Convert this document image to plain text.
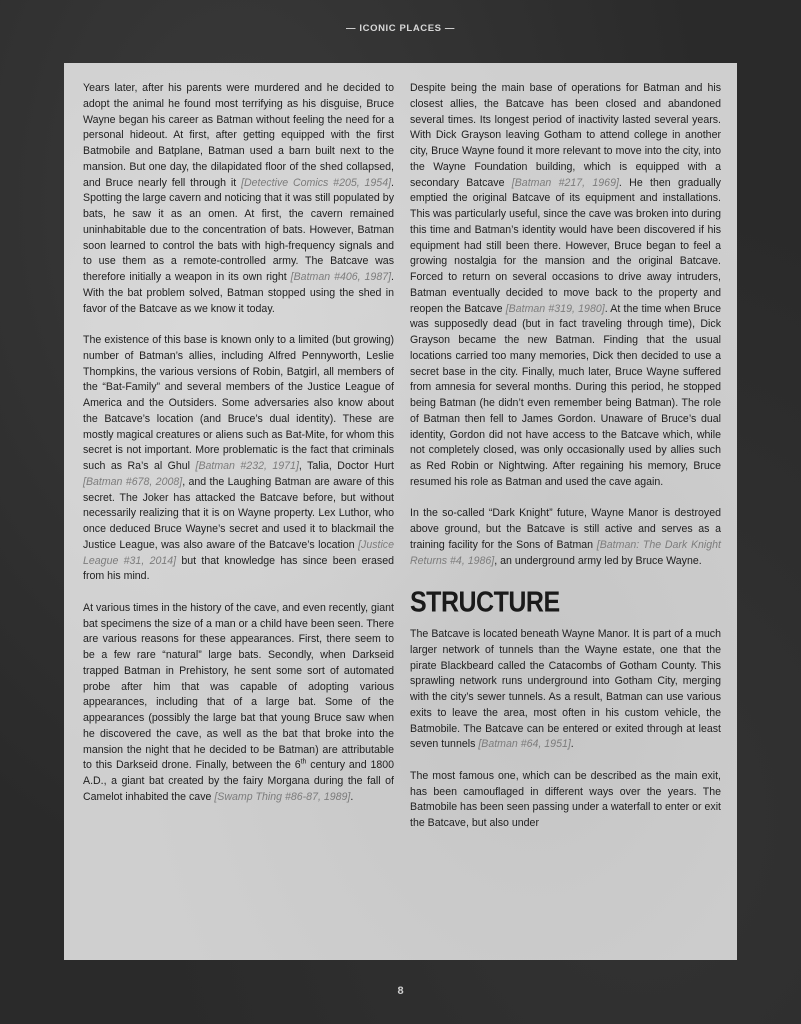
— ICONIC PLACES —

Years later, after his parents were murdered and he decided to adopt the animal he found most terrifying as his disguise, Bruce Wayne began his career as Batman without feeling the need for a personal hideout. At first, after getting equipped with the first Batmobile and Batplane, Batman used a barn built next to the mansion. But one day, the dilapidated floor of the shed collapsed, and Bruce nearly fell through it [Detective Comics #205, 1954]. Spotting the large cavern and noticing that it was still populated by bats, he saw it as an omen. At first, the cavern remained uninhabitable due to the concentration of bats. However, Batman soon learned to control the bats with high-frequency signals and to use them as a remote-controlled army. The Batcave was therefore initially a weapon in its own right [Batman #406, 1987]. With the bat problem solved, Batman stopped using the shed in favor of the Batcave as we know it today.

The existence of this base is known only to a limited (but growing) number of Batman’s allies, including Alfred Pennyworth, Leslie Thompkins, the various versions of Robin, Batgirl, all members of the “Bat-Family” and several members of the Justice League of America and the Outsiders. Some adversaries also know about the Batcave’s location (and Bruce’s dual identity). These are mostly magical creatures or aliens such as Bat-Mite, for whom this secret is not important. More problematic is the fact that criminals such as Ra’s al Ghul [Batman #232, 1971], Talia, Doctor Hurt [Batman #678, 2008], and the Laughing Batman are aware of this secret. The Joker has attacked the Batcave before, but without necessarily realizing that it is on Wayne property. Lex Luthor, who once deduced Bruce Wayne’s secret and used it to blackmail the Justice League, was also aware of the Batcave’s location [Justice League #31, 2014] but that knowledge has since been erased from his mind.

At various times in the history of the cave, and even recently, giant bat specimens the size of a man or a child have been seen. There are various reasons for these appearances. First, there seem to be a few rare “natural” large bats. Secondly, when Darkseid trapped Batman in Prehistory, he sent some sort of automated probe after him that was capable of adopting various appearances, including that of a large bat. Some of the appearances (possibly the large bat that young Bruce saw when he discovered the cave, as well as the bat that broke into the mansion the night that he decided to be Batman) are attributable to this Darkseid drone. Finally, between the 6th century and 1800 A.D., a giant bat created by the fairy Morgana during the fall of Camelot inhabited the cave [Swamp Thing #86-87, 1989].

Despite being the main base of operations for Batman and his closest allies, the Batcave has been closed and abandoned several times. Its longest period of inactivity lasted several years. With Dick Grayson leaving Gotham to attend college in another city, Bruce Wayne found it more relevant to move into the city, into the Wayne Foundation building, which is equipped with a secondary Batcave [Batman #217, 1969]. He then gradually emptied the original Batcave of its equipment and installations. This was particularly useful, since the cave was broken into during this time and Batman’s identity would have been discovered if his equipment had still been there. However, Bruce began to feel a growing nostalgia for the mansion and the original Batcave. Forced to return on several occasions to drive away intruders, Batman eventually decided to move back to the property and reopen the Batcave [Batman #319, 1980]. At the time when Bruce was supposedly dead (but in fact traveling through time), Dick Grayson became the new Batman. Finding that the usual locations carried too many memories, Dick then decided to use a secret base in the city. Finally, much later, Bruce Wayne suffered from amnesia for several months. During this period, he stopped being Batman (he didn’t even remember being Batman). The role of Batman then fell to James Gordon. Unaware of Bruce’s dual identity, Gordon did not have access to the Batcave which, while not completely closed, was only occasionally used by allies such as Red Robin or Nightwing. After regaining his memory, Bruce resumed his role as Batman and used the cave again.

In the so-called “Dark Knight” future, Wayne Manor is destroyed above ground, but the Batcave is still active and serves as a training facility for the Sons of Batman [Batman: The Dark Knight Returns #4, 1986], an underground army led by Bruce Wayne.

STRUCTURE

The Batcave is located beneath Wayne Manor. It is part of a much larger network of tunnels than the Wayne estate, one that the pirate Blackbeard called the Catacombs of Gotham County. This sprawling network runs underground into Gotham City, merging with the city’s sewer tunnels. As a result, Batman can use various exits to leave the area, most often in his custom vehicle, the Batmobile. The Batcave can be entered or exited through at least seven tunnels [Batman #64, 1951].

The most famous one, which can be described as the main exit, has been camouflaged in different ways over the years. The Batmobile has been seen passing under a waterfall to enter or exit the Batcave, but also under

8
